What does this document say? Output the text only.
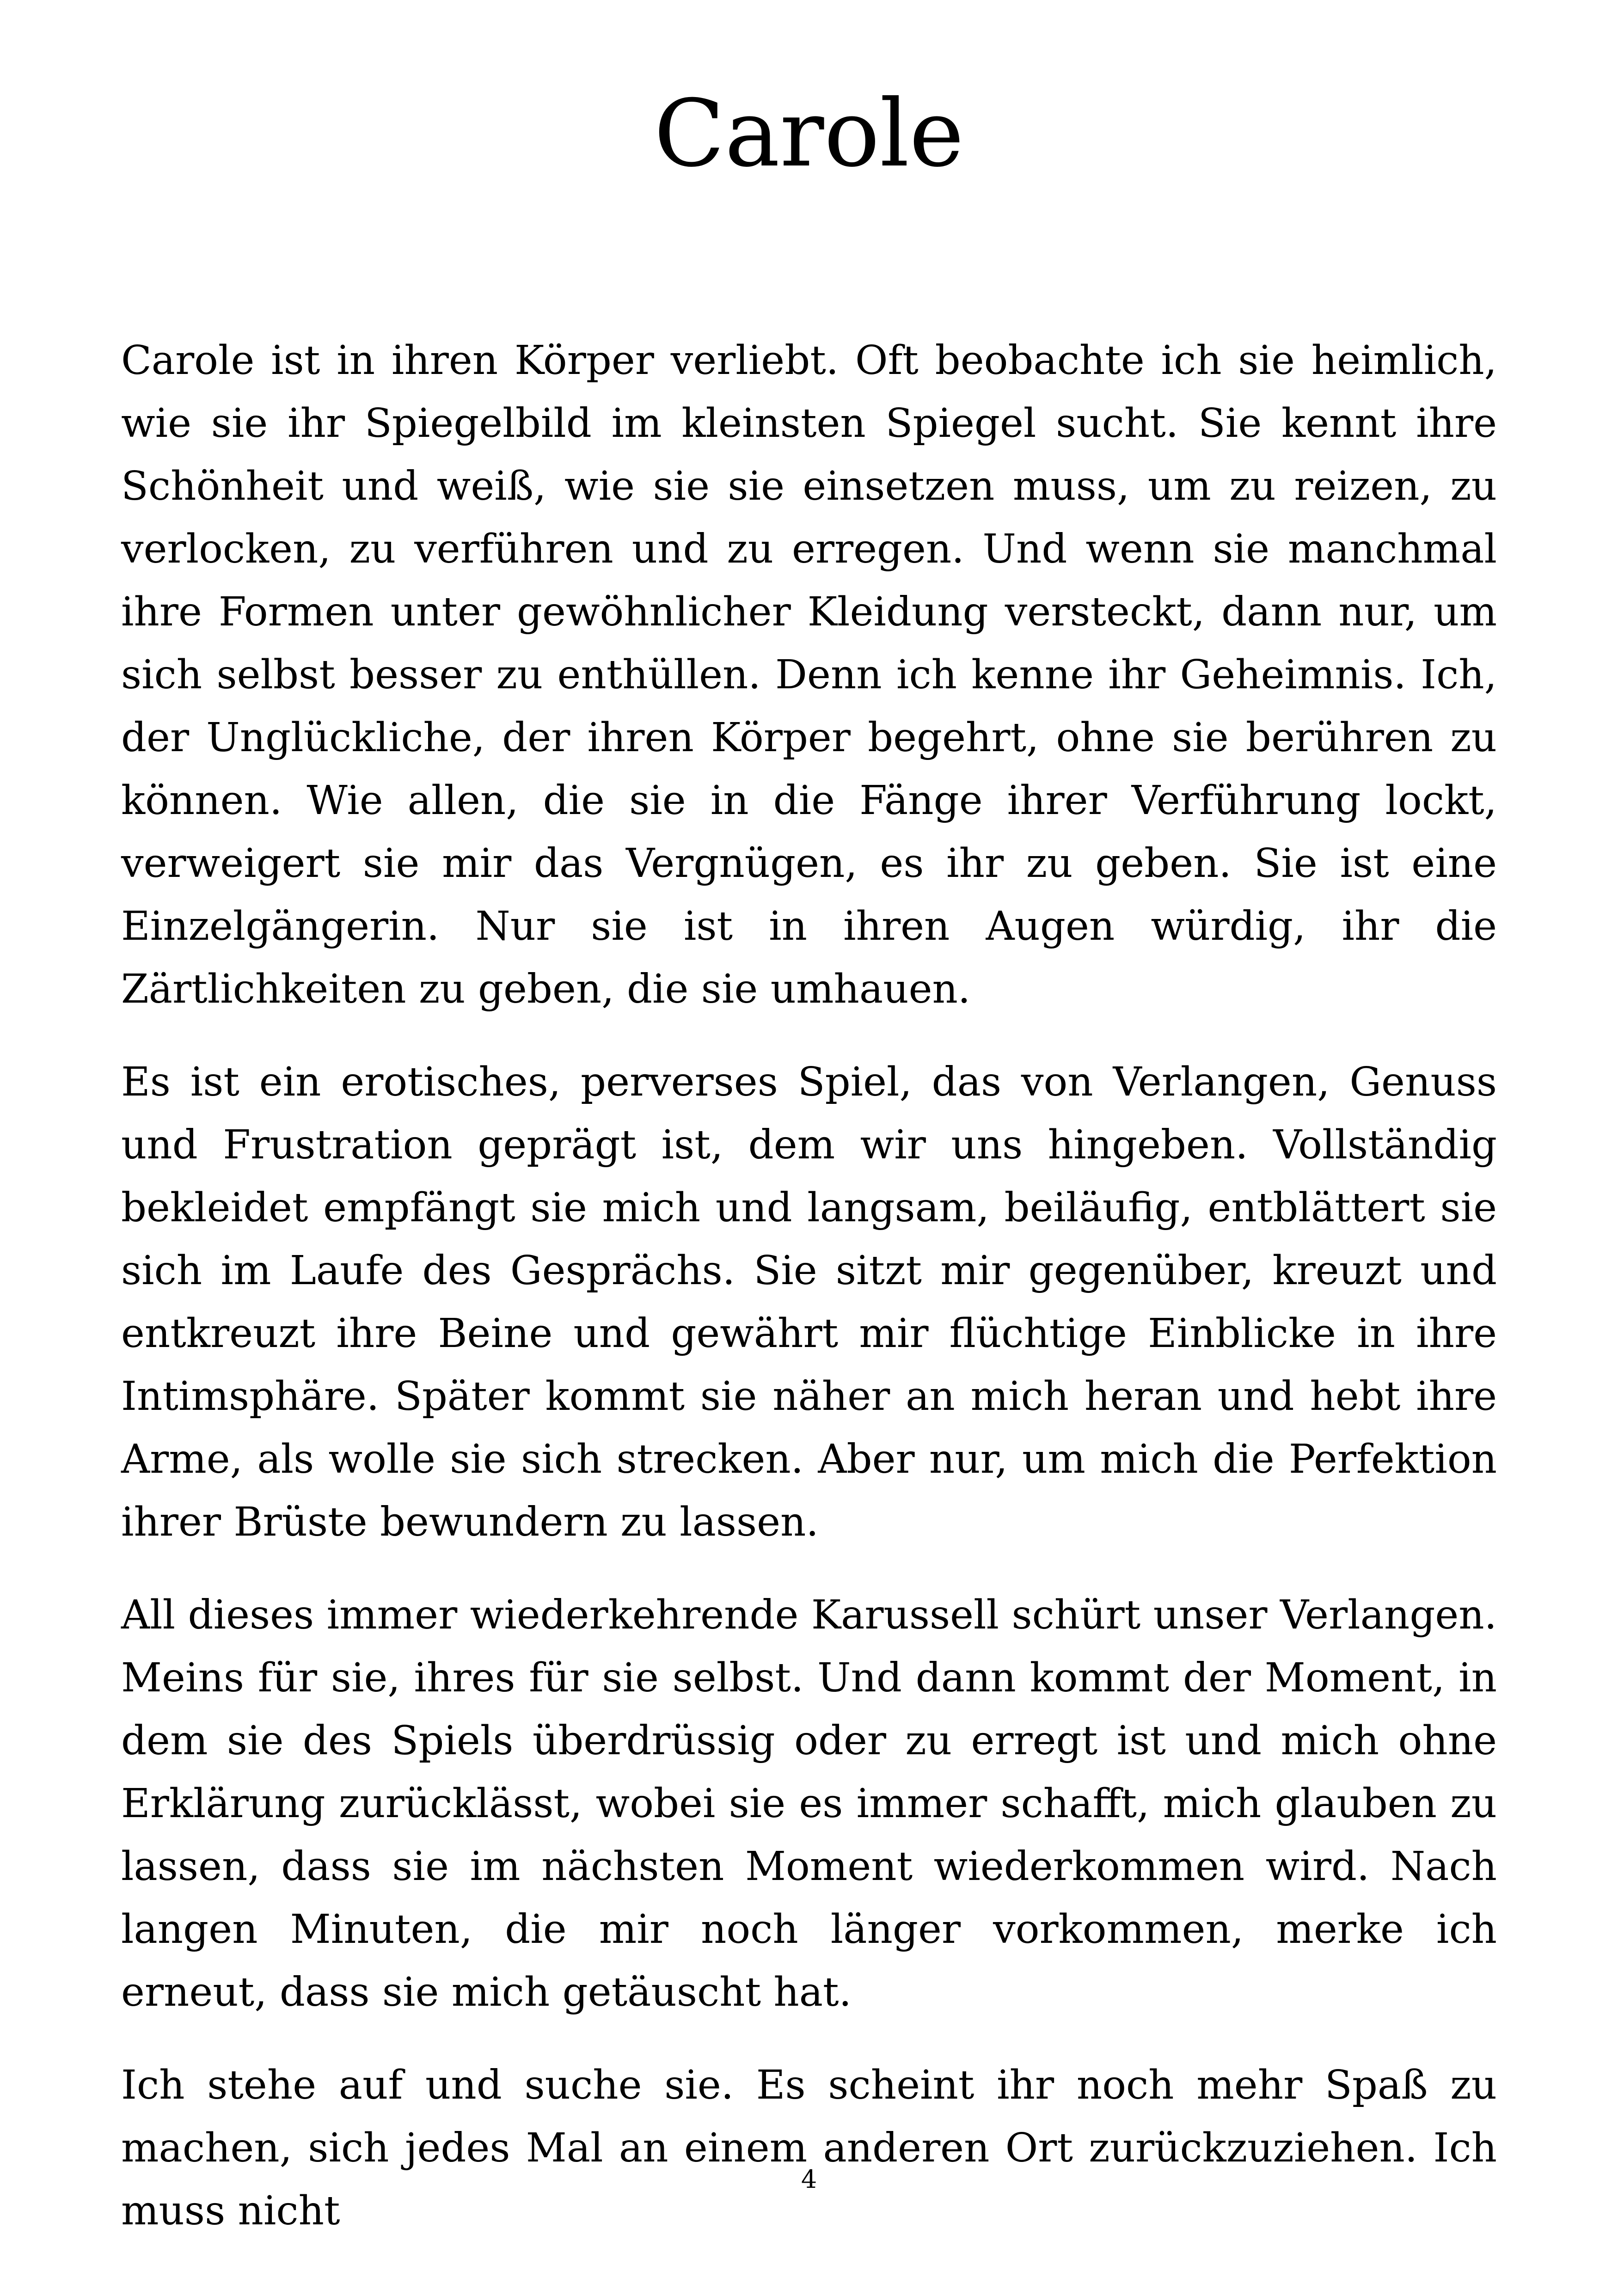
Carole

Carole ist in ihren Körper verliebt. Oft beobachte ich sie heimlich, wie sie ihr Spiegelbild im kleinsten Spiegel sucht. Sie kennt ihre Schönheit und weiß, wie sie sie einsetzen muss, um zu reizen, zu verlocken, zu verführen und zu erregen. Und wenn sie manchmal ihre Formen unter gewöhnlicher Kleidung versteckt, dann nur, um sich selbst besser zu enthüllen. Denn ich kenne ihr Geheimnis. Ich, der Unglückliche, der ihren Körper begehrt, ohne sie berühren zu können. Wie allen, die sie in die Fänge ihrer Verführung lockt, verweigert sie mir das Vergnügen, es ihr zu geben. Sie ist eine Einzelgängerin. Nur sie ist in ihren Augen würdig, ihr die Zärtlichkeiten zu geben, die sie umhauen.

Es ist ein erotisches, perverses Spiel, das von Verlangen, Genuss und Frustration geprägt ist, dem wir uns hingeben. Vollständig bekleidet empfängt sie mich und langsam, beiläufig, entblättert sie sich im Laufe des Gesprächs. Sie sitzt mir gegenüber, kreuzt und entkreuzt ihre Beine und gewährt mir flüchtige Einblicke in ihre Intimsphäre. Später kommt sie näher an mich heran und hebt ihre Arme, als wolle sie sich strecken. Aber nur, um mich die Perfektion ihrer Brüste bewundern zu lassen.

All dieses immer wiederkehrende Karussell schürt unser Verlangen. Meins für sie, ihres für sie selbst. Und dann kommt der Moment, in dem sie des Spiels überdrüssig oder zu erregt ist und mich ohne Erklärung zurücklässt, wobei sie es immer schafft, mich glauben zu lassen, dass sie im nächsten Moment wiederkommen wird. Nach langen Minuten, die mir noch länger vorkommen, merke ich erneut, dass sie mich getäuscht hat.

Ich stehe auf und suche sie. Es scheint ihr noch mehr Spaß zu machen, sich jedes Mal an einem anderen Ort zurückzuziehen. Ich muss nicht

4
